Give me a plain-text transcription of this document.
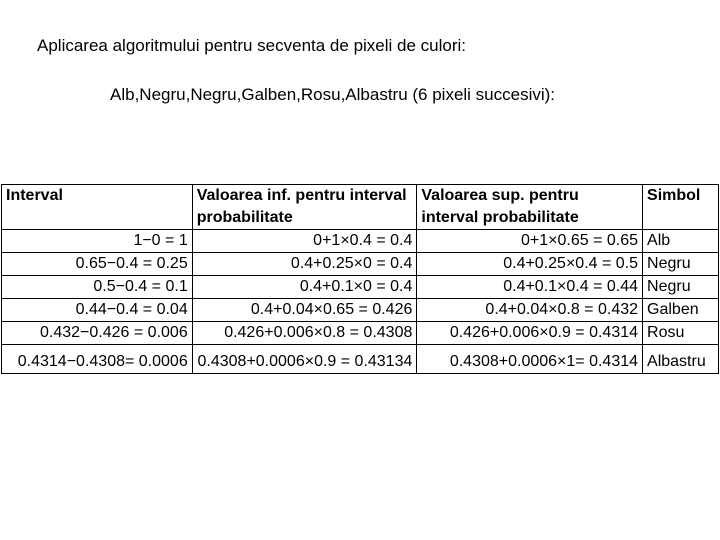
Aplicarea algoritmului pentru secventa de pixeli de culori:
Alb,Negru,Negru,Galben,Rosu,Albastru (6 pixeli succesivi):
Interval	Valoarea inf. pentru interval probabilitate	Valoarea sup. pentru interval probabilitate	Simbol
1−0 = 1	0+1×0.4 = 0.4	0+1×0.65 = 0.65	Alb
0.65−0.4 = 0.25	0.4+0.25×0 = 0.4	0.4+0.25×0.4 = 0.5	Negru
0.5−0.4 = 0.1	0.4+0.1×0 = 0.4	0.4+0.1×0.4 = 0.44	Negru
0.44−0.4 = 0.04	0.4+0.04×0.65 = 0.426	0.4+0.04×0.8 = 0.432	Galben
0.432−0.426 = 0.006	0.426+0.006×0.8 = 0.4308	0.426+0.006×0.9 = 0.4314	Rosu
0.4314−0.4308= 0.0006	0.4308+0.0006×0.9 = 0.43134	0.4308+0.0006×1= 0.4314	Albastru
